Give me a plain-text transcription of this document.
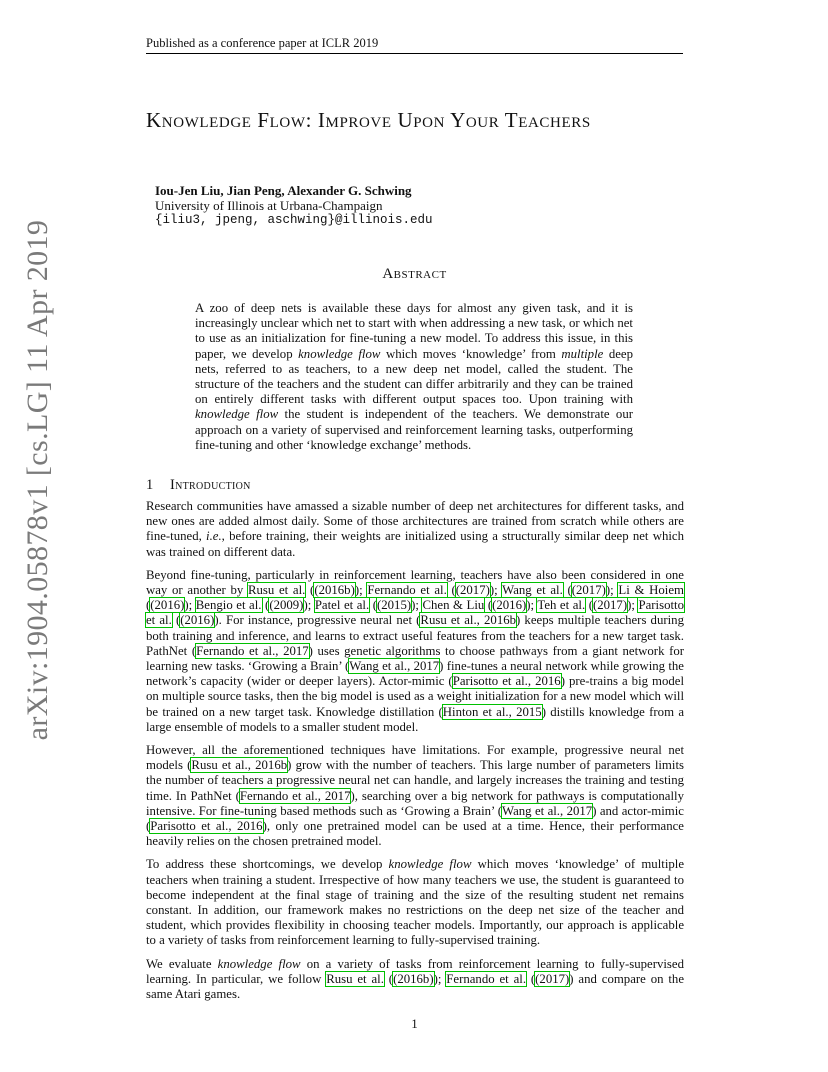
Published as a conference paper at ICLR 2019
Knowledge Flow: Improve Upon Your Teachers
Iou-Jen Liu, Jian Peng, Alexander G. Schwing
University of Illinois at Urbana-Champaign
{iliu3, jpeng, aschwing}@illinois.edu
Abstract
A zoo of deep nets is available these days for almost any given task, and it is increasingly unclear which net to start with when addressing a new task, or which net to use as an initialization for fine-tuning a new model. To address this issue, in this paper, we develop knowledge flow which moves ‘knowledge’ from multiple deep nets, referred to as teachers, to a new deep net model, called the student. The structure of the teachers and the student can differ arbitrarily and they can be trained on entirely different tasks with different output spaces too. Upon training with knowledge flow the student is independent of the teachers. We demonstrate our approach on a variety of supervised and reinforcement learning tasks, outperforming fine-tuning and other ‘knowledge exchange’ methods.
1 Introduction

Research communities have amassed a sizable number of deep net architectures for different tasks, and new ones are added almost daily. Some of those architectures are trained from scratch while others are fine-tuned, i.e., before training, their weights are initialized using a structurally similar deep net which was trained on different data.

Beyond fine-tuning, particularly in reinforcement learning, teachers have also been considered in one way or another by Rusu et al. ((2016b)); Fernando et al. ((2017)); Wang et al. ((2017)); Li & Hoiem ((2016)); Bengio et al. ((2009)); Patel et al. ((2015)); Chen & Liu ((2016)); Teh et al. ((2017)); Parisotto et al. ((2016)). For instance, progressive neural net (Rusu et al., 2016b) keeps multiple teachers during both training and inference, and learns to extract useful features from the teachers for a new target task. PathNet (Fernando et al., 2017) uses genetic algorithms to choose pathways from a giant network for learning new tasks. ‘Growing a Brain’ (Wang et al., 2017) fine-tunes a neural network while growing the network’s capacity (wider or deeper layers). Actor-mimic (Parisotto et al., 2016) pre-trains a big model on multiple source tasks, then the big model is used as a weight initialization for a new model which will be trained on a new target task. Knowledge distillation (Hinton et al., 2015) distills knowledge from a large ensemble of models to a smaller student model.

However, all the aforementioned techniques have limitations. For example, progressive neural net models (Rusu et al., 2016b) grow with the number of teachers. This large number of parameters limits the number of teachers a progressive neural net can handle, and largely increases the training and testing time. In PathNet (Fernando et al., 2017), searching over a big network for pathways is computationally intensive. For fine-tuning based methods such as ‘Growing a Brain’ (Wang et al., 2017) and actor-mimic (Parisotto et al., 2016), only one pretrained model can be used at a time. Hence, their performance heavily relies on the chosen pretrained model.

To address these shortcomings, we develop knowledge flow which moves ‘knowledge’ of multiple teachers when training a student. Irrespective of how many teachers we use, the student is guaranteed to become independent at the final stage of training and the size of the resulting student net remains constant. In addition, our framework makes no restrictions on the deep net size of the teacher and student, which provides flexibility in choosing teacher models. Importantly, our approach is applicable to a variety of tasks from reinforcement learning to fully-supervised training.

We evaluate knowledge flow on a variety of tasks from reinforcement learning to fully-supervised learning. In particular, we follow Rusu et al. ((2016b)); Fernando et al. ((2017)) and compare on the same Atari games.

arXiv:1904.05878v1 [cs.LG] 11 Apr 2019
1
